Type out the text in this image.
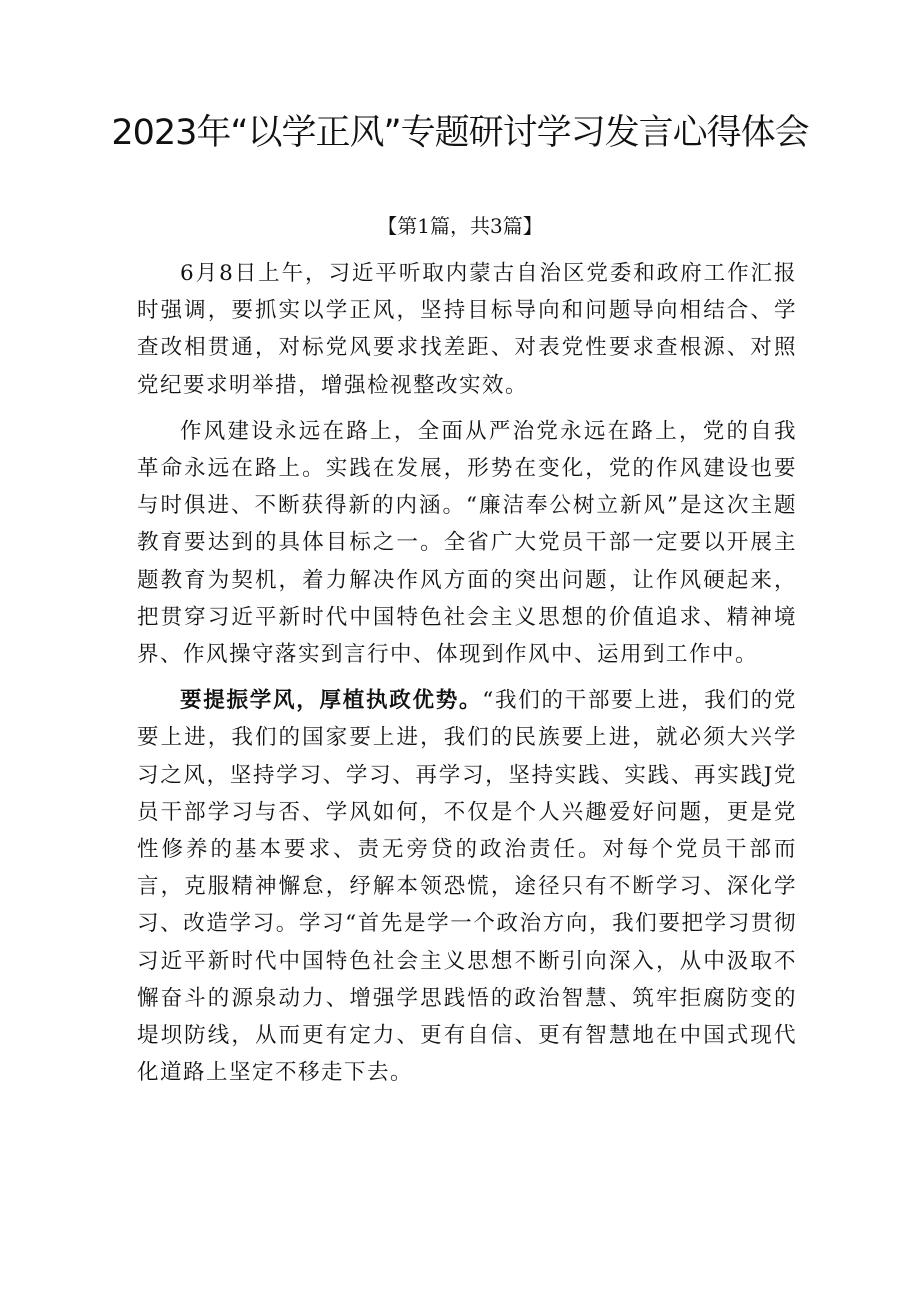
2023年“以学正风”专题研讨学习发言心得体会
【第1篇，共3篇】

6月8日上午，习近平听取内蒙古自治区党委和政府工作汇报时强调，要抓实以学正风，坚持目标导向和问题导向相结合、学查改相贯通，对标党风要求找差距、对表党性要求查根源、对照党纪要求明举措，增强检视整改实效。

作风建设永远在路上，全面从严治党永远在路上，党的自我革命永远在路上。实践在发展，形势在变化，党的作风建设也要与时俱进、不断获得新的内涵。“廉洁奉公树立新风”是这次主题教育要达到的具体目标之一。全省广大党员干部一定要以开展主题教育为契机，着力解决作风方面的突出问题，让作风硬起来，把贯穿习近平新时代中国特色社会主义思想的价值追求、精神境界、作风操守落实到言行中、体现到作风中、运用到工作中。

要提振学风，厚植执政优势。“我们的干部要上进，我们的党要上进，我们的国家要上进，我们的民族要上进，就必须大兴学习之风，坚持学习、学习、再学习，坚持实践、实践、再实践J党员干部学习与否、学风如何，不仅是个人兴趣爱好问题，更是党性修养的基本要求、责无旁贷的政治责任。对每个党员干部而言，克服精神懈怠，纾解本领恐慌，途径只有不断学习、深化学习、改造学习。学习“首先是学一个政治方向，我们要把学习贯彻习近平新时代中国特色社会主义思想不断引向深入，从中汲取不懈奋斗的源泉动力、增强学思践悟的政治智慧、筑牢拒腐防变的堤坝防线，从而更有定力、更有自信、更有智慧地在中国式现代化道路上坚定不移走下去。
